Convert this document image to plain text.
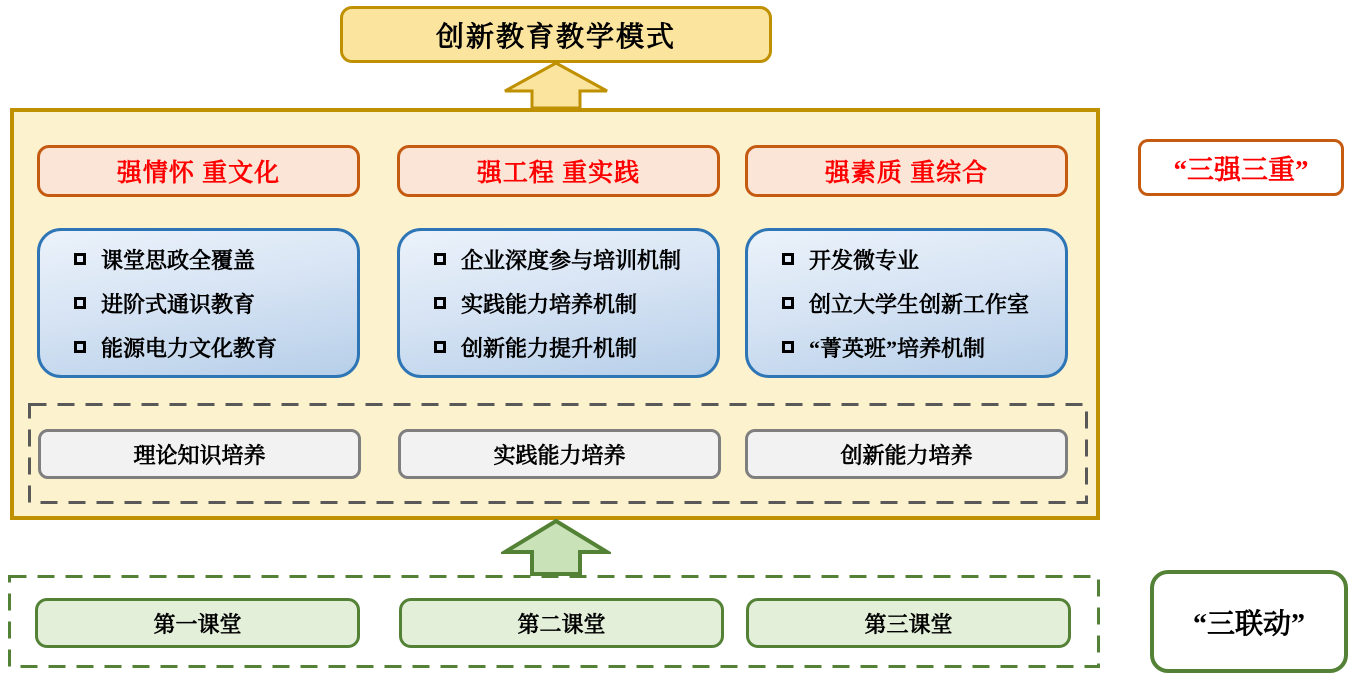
创新教育教学模式
强情怀 重文化	强工程 重实践	强素质 重综合
课堂思政全覆盖
进阶式通识教育
能源电力文化教育
企业深度参与培训机制
实践能力培养机制
创新能力提升机制
开发微专业
创立大学生创新工作室
“菁英班”培养机制
理论知识培养	实践能力培养	创新能力培养
第一课堂	第二课堂	第三课堂
“三强三重”
“三联动”
